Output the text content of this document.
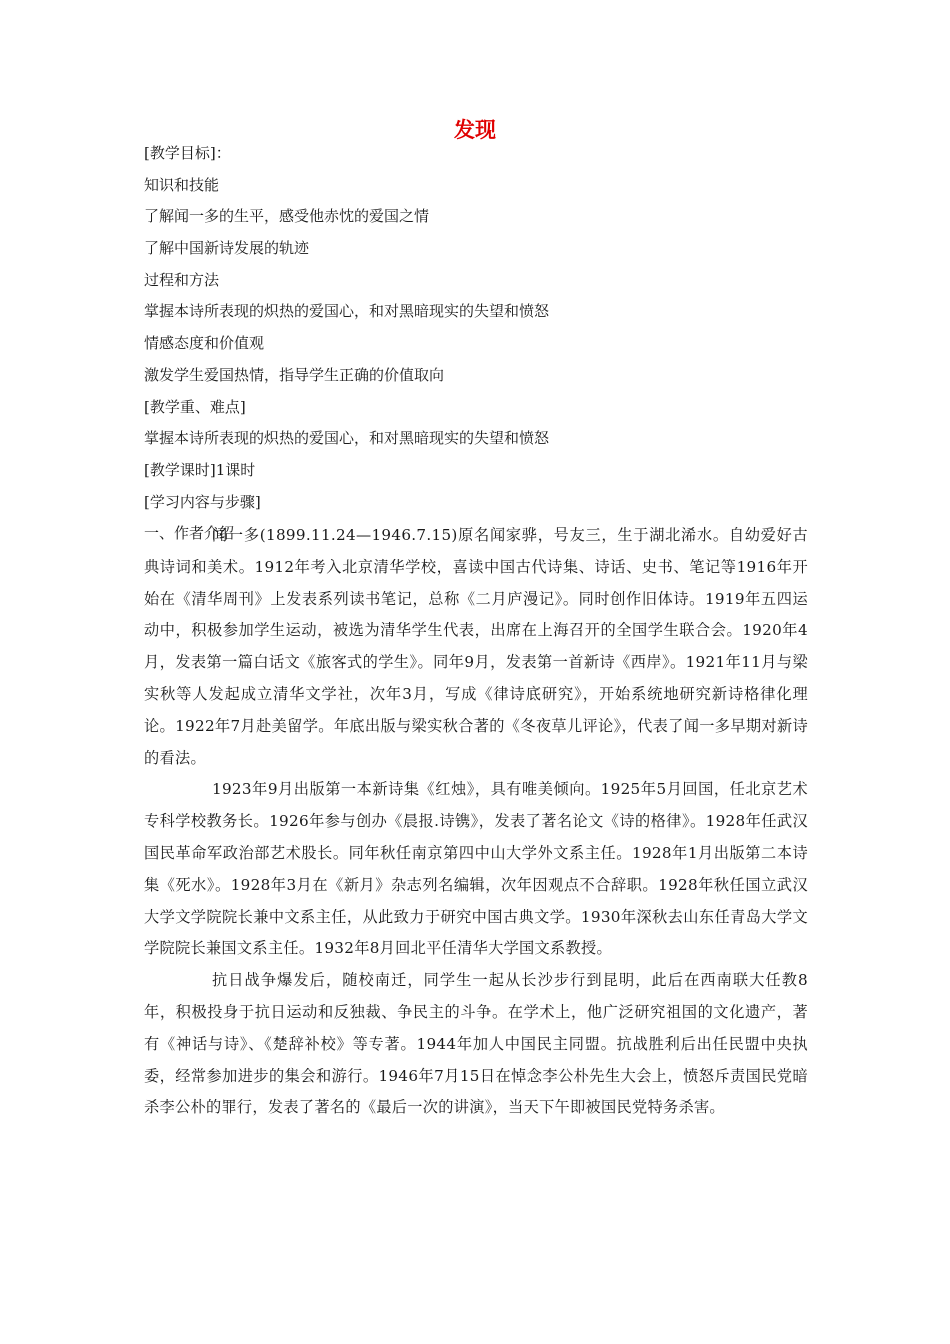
发现
[教学目标]：
知识和技能
了解闻一多的生平，感受他赤忱的爱国之情
了解中国新诗发展的轨迹
过程和方法
掌握本诗所表现的炽热的爱国心，和对黑暗现实的失望和愤怒
情感态度和价值观
激发学生爱国热情，指导学生正确的价值取向
[教学重、难点]
掌握本诗所表现的炽热的爱国心，和对黑暗现实的失望和愤怒
[教学课时]1课时
[学习内容与步骤]
一、作者介绍

闻一多(1899.11.24—1946.7.15)原名闻家骅，号友三，生于湖北浠水。自幼爱好古典诗词和美术。1912年考入北京清华学校，喜读中国古代诗集、诗话、史书、笔记等1916年开始在《清华周刊》上发表系列读书笔记，总称《二月庐漫记》。同时创作旧体诗。1919年五四运动中，积极参加学生运动，被选为清华学生代表，出席在上海召开的全国学生联合会。1920年4月，发表第一篇白话文《旅客式的学生》。同年9月，发表第一首新诗《西岸》。1921年11月与梁实秋等人发起成立清华文学社，次年3月，写成《律诗底研究》，开始系统地研究新诗格律化理论。1922年7月赴美留学。年底出版与梁实秋合著的《冬夜草儿评论》，代表了闻一多早期对新诗的看法。

1923年9月出版第一本新诗集《红烛》，具有唯美倾向。1925年5月回国，任北京艺术专科学校教务长。1926年参与创办《晨报.诗镌》，发表了著名论文《诗的格律》。1928年任武汉国民革命军政治部艺术股长。同年秋任南京第四中山大学外文系主任。1928年1月出版第二本诗集《死水》。1928年3月在《新月》杂志列名编辑，次年因观点不合辞职。1928年秋任国立武汉大学文学院院长兼中文系主任，从此致力于研究中国古典文学。1930年深秋去山东任青岛大学文学院院长兼国文系主任。1932年8月回北平任清华大学国文系教授。

抗日战争爆发后，随校南迁，同学生一起从长沙步行到昆明，此后在西南联大任教8年，积极投身于抗日运动和反独裁、争民主的斗争。在学术上，他广泛研究祖国的文化遗产，著有《神话与诗》、《楚辞补校》等专著。1944年加人中国民主同盟。抗战胜利后出任民盟中央执委，经常参加进步的集会和游行。1946年7月15日在悼念李公朴先生大会上，愤怒斥责国民党暗杀李公朴的罪行，发表了著名的《最后一次的讲演》，当天下午即被国民党特务杀害。
